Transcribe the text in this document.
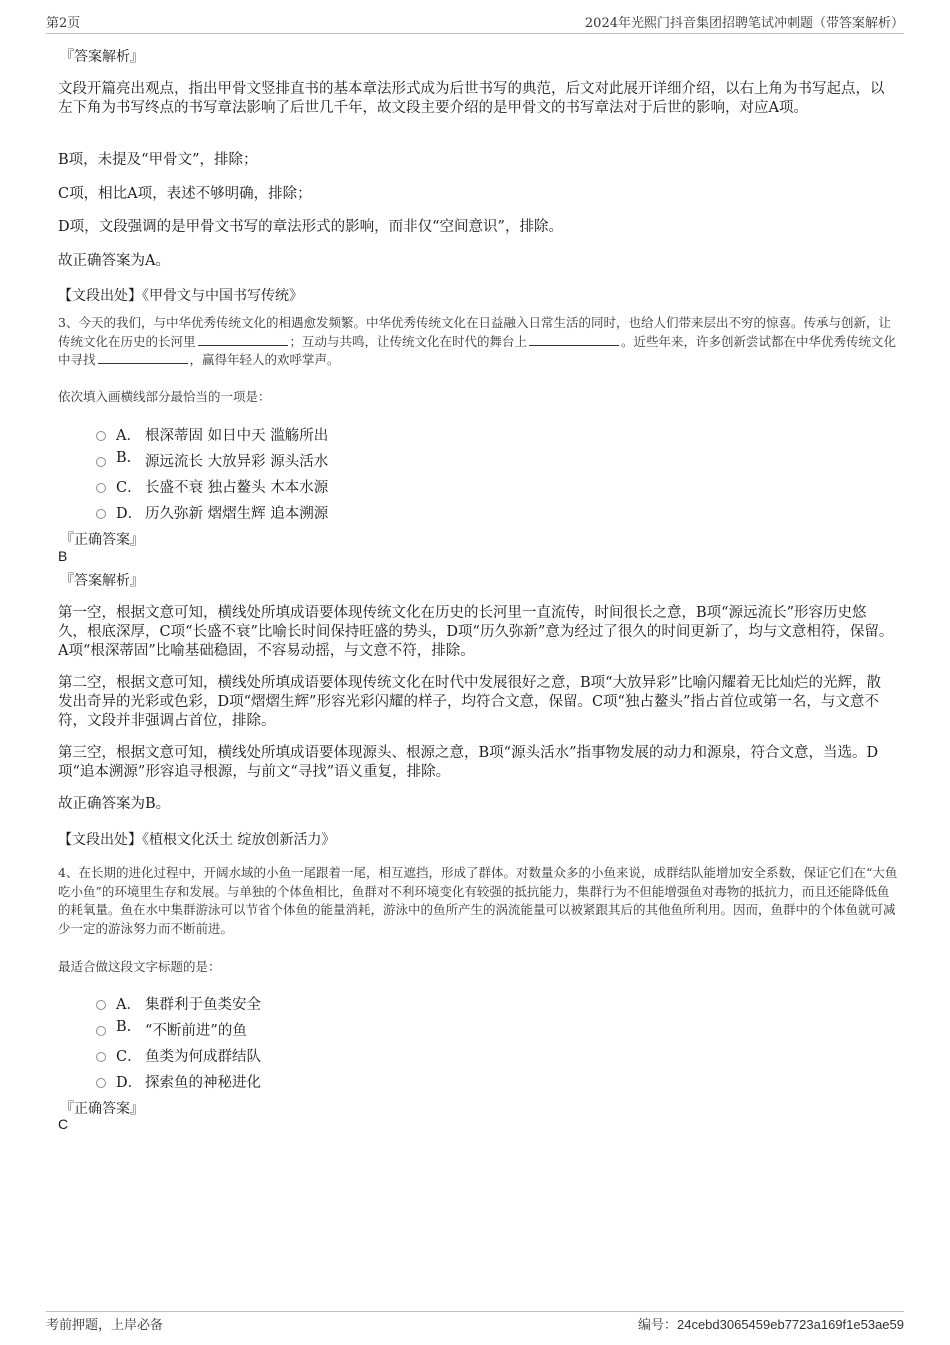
第2页	2024年光熙门抖音集团招聘笔试冲刺题（带答案解析）
『答案解析』
文段开篇亮出观点，指出甲骨文竖排直书的基本章法形式成为后世书写的典范，后文对此展开详细介绍，以右上角为书写起点，以左下角为书写终点的书写章法影响了后世几千年，故文段主要介绍的是甲骨文的书写章法对于后世的影响，对应A项。
B项，未提及“甲骨文”，排除；
C项，相比A项，表述不够明确，排除；
D项，文段强调的是甲骨文书写的章法形式的影响，而非仅“空间意识”，排除。
故正确答案为A。
【文段出处】《甲骨文与中国书写传统》
3、今天的我们，与中华优秀传统文化的相遇愈发频繁。中华优秀传统文化在日益融入日常生活的同时，也给人们带来层出不穷的惊喜。传承与创新，让传统文化在历史的长河里	；互动与共鸣，让传统文化在时代的舞台上	。近些年来，许多创新尝试都在中华优秀传统文化中寻找	，赢得年轻人的欢呼掌声。
依次填入画横线部分最恰当的一项是：
A． 根深蒂固 如日中天 滥觞所出
B. 源远流长 大放异彩 源头活水
C． 长盛不衰 独占鳌头 木本水源
D． 历久弥新 熠熠生辉 追本溯源
『正确答案』
B
『答案解析』
第一空，根据文意可知，横线处所填成语要体现传统文化在历史的长河里一直流传，时间很长之意，B项“源远流长”形容历史悠久，根底深厚，C项“长盛不衰”比喻长时间保持旺盛的势头，D项“历久弥新”意为经过了很久的时间更新了，均与文意相符，保留。A项“根深蒂固”比喻基础稳固，不容易动摇，与文意不符，排除。
第二空，根据文意可知，横线处所填成语要体现传统文化在时代中发展很好之意，B项“大放异彩”比喻闪耀着无比灿烂的光辉，散发出奇异的光彩或色彩，D项“熠熠生辉”形容光彩闪耀的样子，均符合文意，保留。C项“独占鳌头”指占首位或第一名，与文意不符，文段并非强调占首位，排除。
第三空，根据文意可知，横线处所填成语要体现源头、根源之意，B项“源头活水”指事物发展的动力和源泉，符合文意，当选。D项“追本溯源”形容追寻根源，与前文“寻找”语义重复，排除。
故正确答案为B。
【文段出处】《植根文化沃土 绽放创新活力》
4、在长期的进化过程中，开阔水域的小鱼一尾跟着一尾，相互遮挡，形成了群体。对数量众多的小鱼来说，成群结队能增加安全系数，保证它们在“大鱼吃小鱼”的环境里生存和发展。与单独的个体鱼相比，鱼群对不利环境变化有较强的抵抗能力，集群行为不但能增强鱼对毒物的抵抗力，而且还能降低鱼的耗氧量。鱼在水中集群游泳可以节省个体鱼的能量消耗，游泳中的鱼所产生的涡流能量可以被紧跟其后的其他鱼所利用。因而，鱼群中的个体鱼就可减少一定的游泳努力而不断前进。
最适合做这段文字标题的是：
A． 集群利于鱼类安全
B. “不断前进”的鱼
C． 鱼类为何成群结队
D． 探索鱼的神秘进化
『正确答案』
C
考前押题，上岸必备	编号：24cebd3065459eb7723a169f1e53ae59
